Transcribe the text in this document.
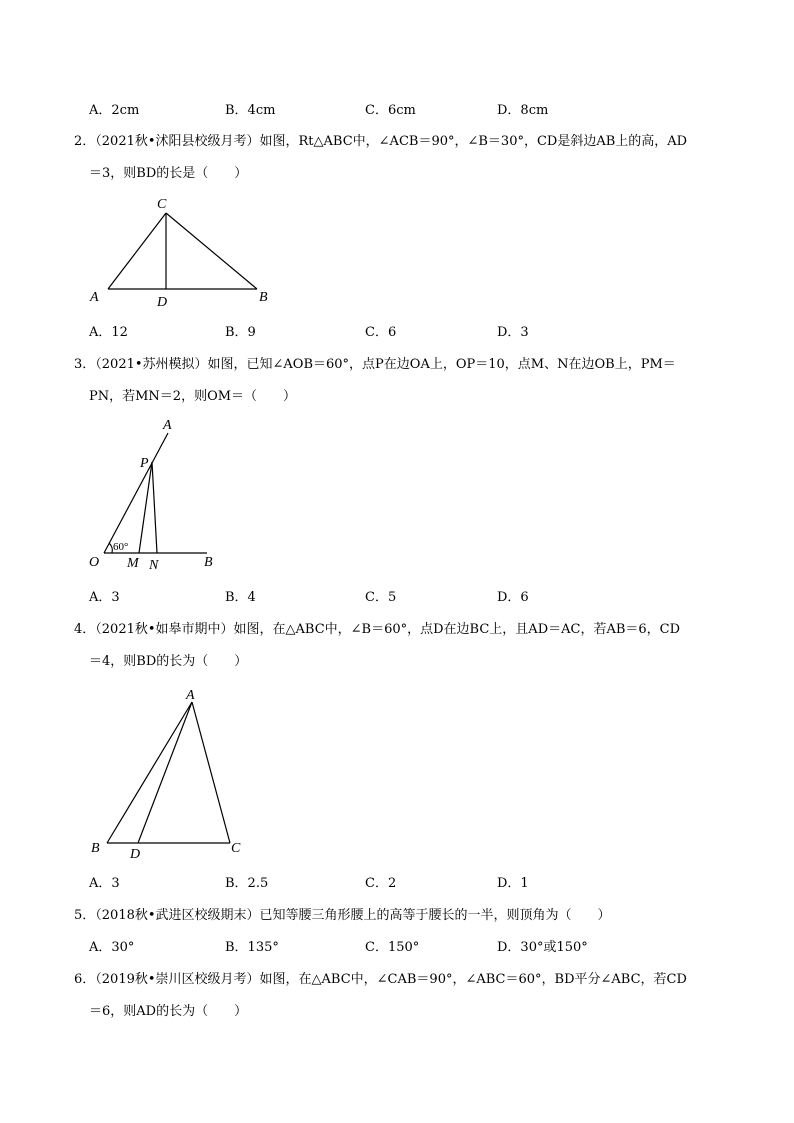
A．2cm	B．4cm	C．6cm	D．8cm
2．（2021秋•沭阳县校级月考）如图，Rt△ABC中，∠ACB＝90°，∠B＝30°，CD是斜边AB上的高，AD
＝3，则BD的长是（　　）
A
C
D	B
A．12	B．9	C．6	D．3
3．（2021•苏州模拟）如图，已知∠AOB＝60°，点P在边OA上，OP＝10，点M、N在边OB上，PM＝
PN，若MN＝2，则OM＝（　　）
A
P
O M N	B
60°
A．3	B．4	C．5	D．6
4．（2021秋•如皋市期中）如图，在△ABC中，∠B＝60°，点D在边BC上，且AD＝AC，若AB＝6，CD
＝4，则BD的长为（　　）
A
B D	C
A．3	B．2.5	C．2	D．1
5．（2018秋•武进区校级期末）已知等腰三角形腰上的高等于腰长的一半，则顶角为（　　）
A．30°	B．135°	C．150°	D．30°或150°
6．（2019秋•崇川区校级月考）如图，在△ABC中，∠CAB＝90°，∠ABC＝60°，BD平分∠ABC，若CD
＝6，则AD的长为（　　）
